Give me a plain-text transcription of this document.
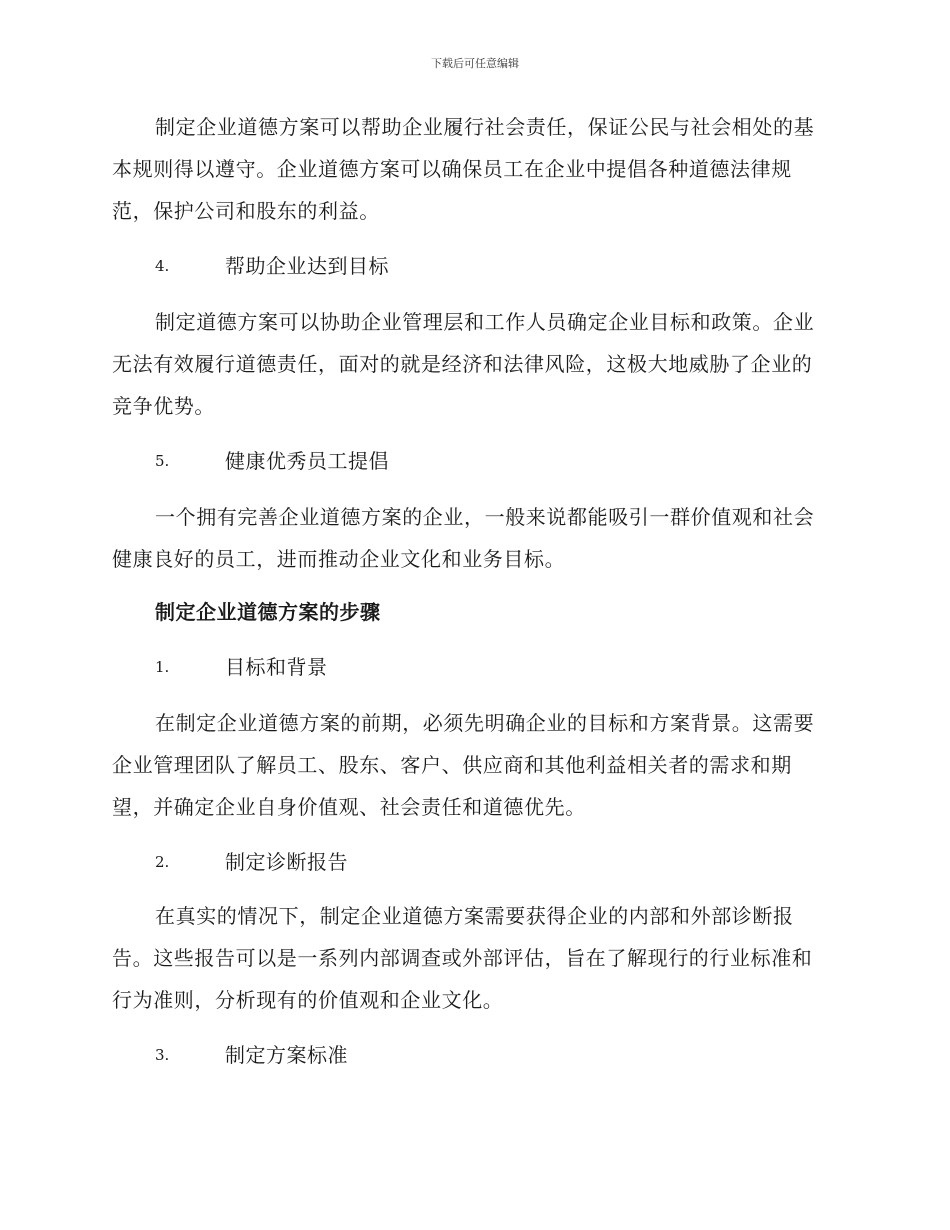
下载后可任意编辑

制定企业道德方案可以帮助企业履行社会责任，保证公民与社会相处的基本规则得以遵守。企业道德方案可以确保员工在企业中提倡各种道德法律规范，保护公司和股东的利益。

4.	帮助企业达到目标

制定道德方案可以协助企业管理层和工作人员确定企业目标和政策。企业无法有效履行道德责任，面对的就是经济和法律风险，这极大地威胁了企业的竞争优势。

5.	健康优秀员工提倡

一个拥有完善企业道德方案的企业，一般来说都能吸引一群价值观和社会健康良好的员工，进而推动企业文化和业务目标。

制定企业道德方案的步骤
1.	目标和背景

在制定企业道德方案的前期，必须先明确企业的目标和方案背景。这需要企业管理团队了解员工、股东、客户、供应商和其他利益相关者的需求和期望，并确定企业自身价值观、社会责任和道德优先。

2.	制定诊断报告

在真实的情况下，制定企业道德方案需要获得企业的内部和外部诊断报告。这些报告可以是一系列内部调查或外部评估，旨在了解现行的行业标准和行为准则，分析现有的价值观和企业文化。

3.	制定方案标准
